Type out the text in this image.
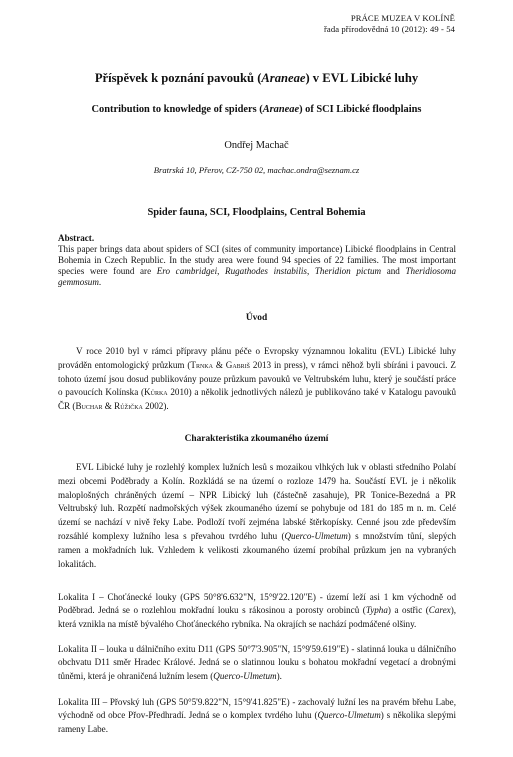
PRÁCE MUZEA V KOLÍNĚ
řada přírodovědná 10 (2012): 49 - 54
Příspěvek k poznání pavouků (Araneae) v EVL Libické luhy
Contribution to knowledge of spiders (Araneae) of SCI Libické floodplains
Ondřej Machač
Bratrská 10, Přerov, CZ-750 02, machac.ondra@seznam.cz
Spider fauna, SCI, Floodplains, Central Bohemia
Abstract.
This paper brings data about spiders of SCI (sites of community importance) Libické floodplains in Central Bohemia in Czech Republic. In the study area were found 94 species of 22 families. The most important species were found are Ero cambridgei, Rugathodes instabilis, Theridion pictum and Theridiosoma gemmosum.
Úvod
V roce 2010 byl v rámci přípravy plánu péče o Evropsky významnou lokalitu (EVL) Libické luhy prováděn entomologický průzkum (Trnka & Gabriš 2013 in press), v rámci něhož byli sbíráni i pavouci. Z tohoto území jsou dosud publikovány pouze průzkum pavouků ve Veltrubském luhu, který je součástí práce o pavoucích Kolínska (Kůrka 2010) a několik jednotlivých nálezů je publikováno také v Katalogu pavouků ČR (Buchar & Růžička 2002).
Charakteristika zkoumaného území
EVL Libické luhy je rozlehlý komplex lužních lesů s mozaikou vlhkých luk v oblasti středního Polabí mezi obcemi Poděbrady a Kolín. Rozkládá se na území o rozloze 1479 ha. Součástí EVL je i několik maloplošných chráněných území – NPR Libický luh (částečně zasahuje), PR Tonice-Bezedná a PR Veltrubský luh. Rozpětí nadmořských výšek zkoumaného území se pohybuje od 181 do 185 m n. m. Celé území se nachází v nivě řeky Labe. Podloží tvoří zejména labské štěrkopísky. Cenné jsou zde především rozsáhlé komplexy lužního lesa s převahou tvrdého luhu (Querco-Ulmetum) s množstvím tůní, slepých ramen a mokřadních luk. Vzhledem k velikosti zkoumaného území probíhal průzkum jen na vybraných lokalitách.
Lokalita I – Choťánecké louky (GPS 50°8'6.632"N, 15°9'22.120"E) - území leží asi 1 km východně od Poděbrad. Jedná se o rozlehlou mokřadní louku s rákosinou a porosty orobinců (Typha) a ostřic (Carex), která vznikla na místě bývalého Choťáneckého rybníka. Na okrajích se nachází podmáčené olšiny.
Lokalita II – louka u dálničního exitu D11 (GPS 50°7'3.905"N, 15°9'59.619"E) - slatinná louka u dálničního obchvatu D11 směr Hradec Králové. Jedná se o slatinnou louku s bohatou mokřadní vegetací a drobnými tůněmi, která je ohraničená lužním lesem (Querco-Ulmetum).
Lokalita III – Přovský luh (GPS 50°5'9.822"N, 15°9'41.825"E) - zachovalý lužní les na pravém břehu Labe, východně od obce Přov-Předhradí. Jedná se o komplex tvrdého luhu (Querco-Ulmetum) s několika slepými rameny Labe.
